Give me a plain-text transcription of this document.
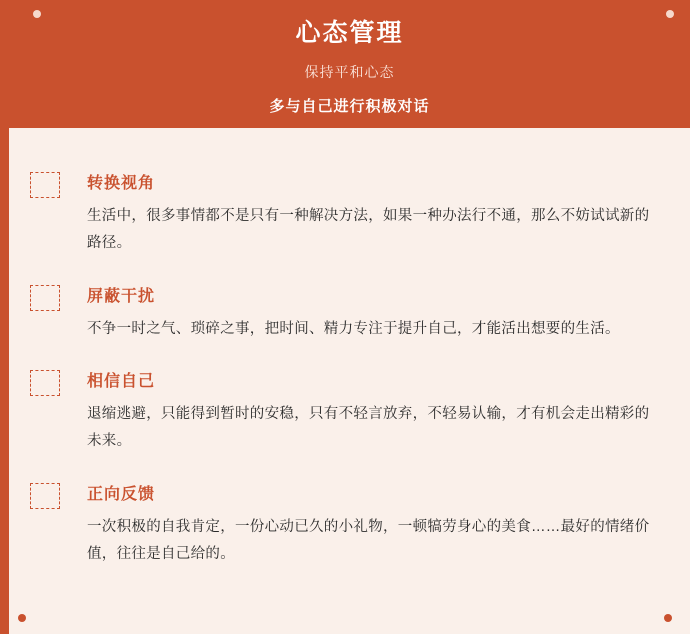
心态管理
保持平和心态
多与自己进行积极对话
转换视角
生活中，很多事情都不是只有一种解决方法，如果一种办法行不通，那么不妨试试新的路径。
屏蔽干扰
不争一时之气、琐碎之事，把时间、精力专注于提升自己，才能活出想要的生活。
相信自己
退缩逃避，只能得到暂时的安稳，只有不轻言放弃，不轻易认输，才有机会走出精彩的未来。
正向反馈
一次积极的自我肯定，一份心动已久的小礼物，一顿犒劳身心的美食……最好的情绪价值，往往是自己给的。
